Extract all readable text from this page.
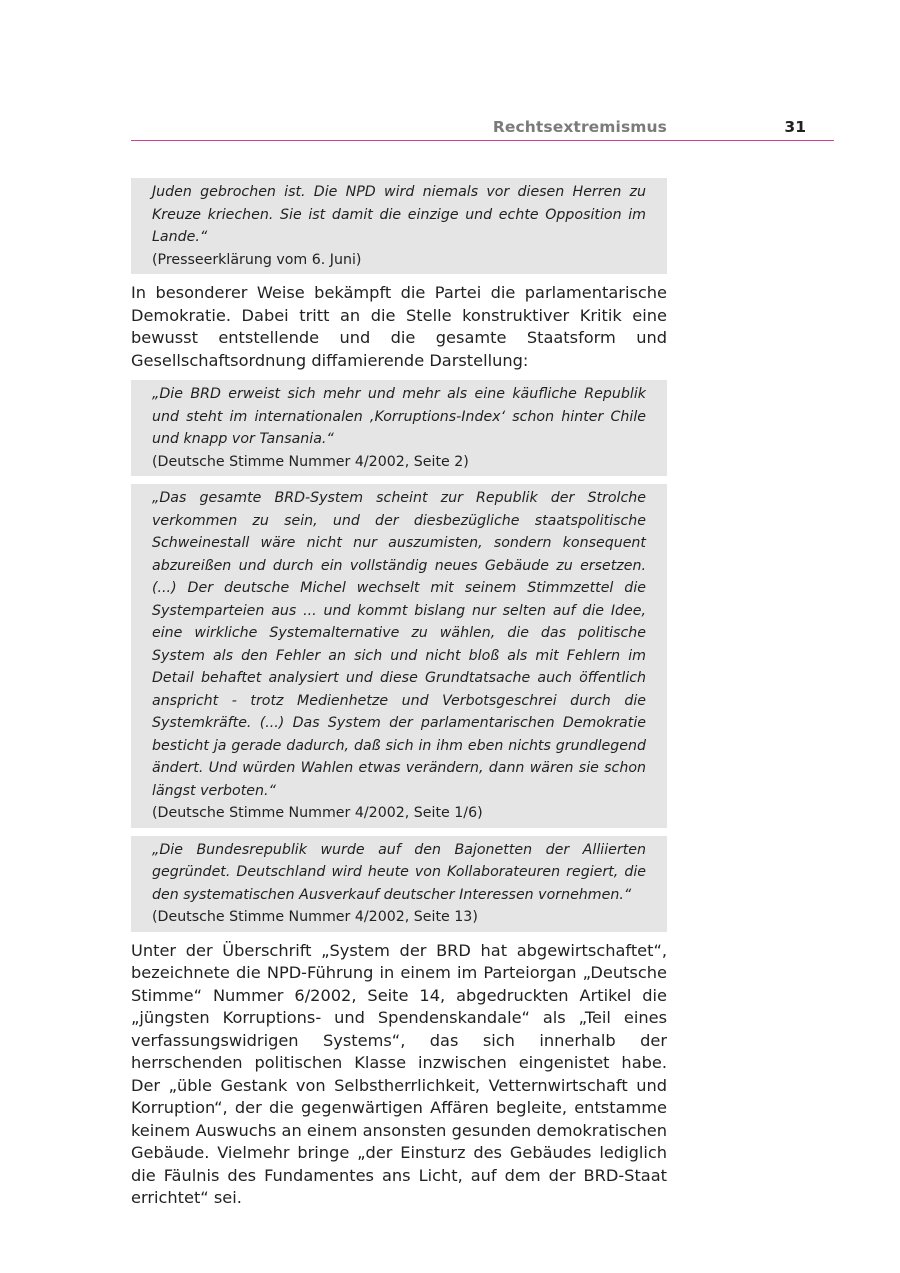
Rechtsextremismus	31
Juden gebrochen ist. Die NPD wird niemals vor diesen Herren zu Kreuze kriechen. Sie ist damit die einzige und echte Opposition im Lande.“
(Presseerklärung vom 6. Juni)

In besonderer Weise bekämpft die Partei die parlamentarische Demokratie. Dabei tritt an die Stelle konstruktiver Kritik eine bewusst entstellende und die gesamte Staatsform und Gesellschaftsordnung diffamierende Darstellung:

„Die BRD erweist sich mehr und mehr als eine käufliche Republik und steht im internationalen ‚Korruptions-Index‘ schon hinter Chile und knapp vor Tansania.“
(Deutsche Stimme Nummer 4/2002, Seite 2)
„Das gesamte BRD-System scheint zur Republik der Strolche verkommen zu sein, und der diesbezügliche staatspolitische Schweinestall wäre nicht nur auszumisten, sondern konsequent abzureißen und durch ein vollständig neues Gebäude zu ersetzen. (...) Der deutsche Michel wechselt mit seinem Stimmzettel die Systemparteien aus ... und kommt bislang nur selten auf die Idee, eine wirkliche Systemalternative zu wählen, die das politische System als den Fehler an sich und nicht bloß als mit Fehlern im Detail behaftet analysiert und diese Grundtatsache auch öffentlich anspricht - trotz Medienhetze und Verbotsgeschrei durch die Systemkräfte. (...) Das System der parlamentarischen Demokratie besticht ja gerade dadurch, daß sich in ihm eben nichts grundlegend ändert. Und würden Wahlen etwas verändern, dann wären sie schon längst verboten.“
(Deutsche Stimme Nummer 4/2002, Seite 1/6)
„Die Bundesrepublik wurde auf den Bajonetten der Alliierten gegründet. Deutschland wird heute von Kollaborateuren regiert, die den systematischen Ausverkauf deutscher Interessen vornehmen.“
(Deutsche Stimme Nummer 4/2002, Seite 13)

Unter der Überschrift „System der BRD hat abgewirtschaftet“, bezeichnete die NPD-Führung in einem im Parteiorgan „Deutsche Stimme“ Nummer 6/2002, Seite 14, abgedruckten Artikel die „jüngsten Korruptions- und Spendenskandale“ als „Teil eines verfassungswidrigen Systems“, das sich innerhalb der herrschenden politischen Klasse inzwischen eingenistet habe. Der „üble Gestank von Selbstherrlichkeit, Vetternwirtschaft und Korruption“, der die gegenwärtigen Affären begleite, entstamme keinem Auswuchs an einem ansonsten gesunden demokratischen Gebäude. Vielmehr bringe „der Einsturz des Gebäudes lediglich die Fäulnis des Fundamentes ans Licht, auf dem der BRD-Staat errichtet“ sei.
